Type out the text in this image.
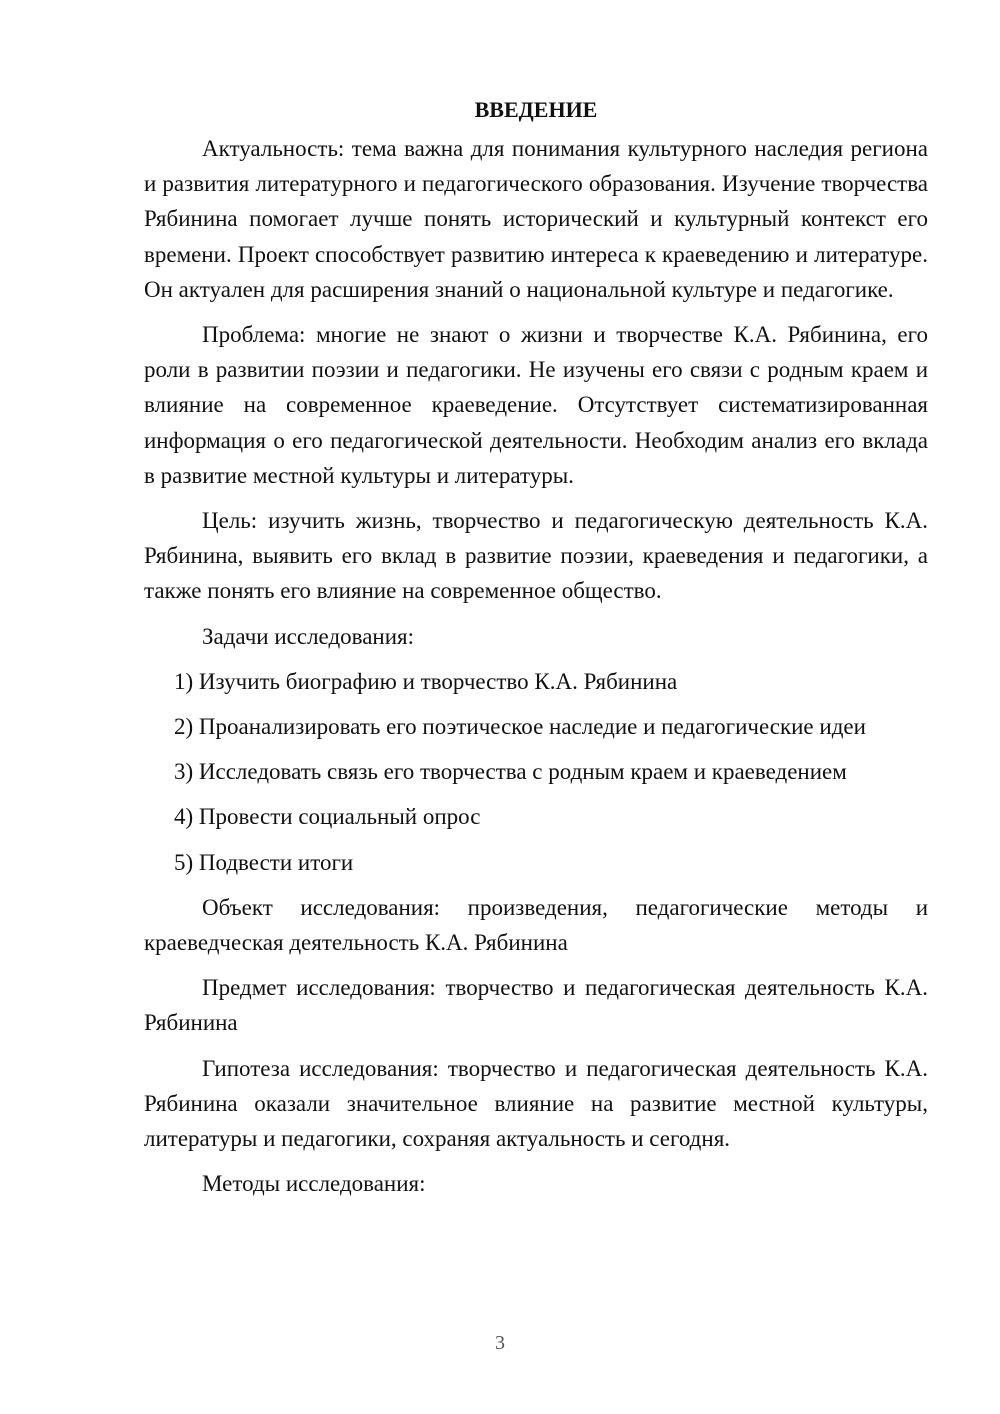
ВВЕДЕНИЕ

Актуальность: тема важна для понимания культурного наследия региона и развития литературного и педагогического образования. Изучение творчества Рябинина помогает лучше понять исторический и культурный контекст его времени. Проект способствует развитию интереса к краеведению и литературе. Он актуален для расширения знаний о национальной культуре и педагогике.

Проблема: многие не знают о жизни и творчестве К.А. Рябинина, его роли в развитии поэзии и педагогики. Не изучены его связи с родным краем и влияние на современное краеведение. Отсутствует систематизированная информация о его педагогической деятельности. Необходим анализ его вклада в развитие местной культуры и литературы.

Цель: изучить жизнь, творчество и педагогическую деятельность К.А. Рябинина, выявить его вклад в развитие поэзии, краеведения и педагогики, а также понять его влияние на современное общество.

Задачи исследования:

1) Изучить биографию и творчество К.А. Рябинина
2) Проанализировать его поэтическое наследие и педагогические идеи
3) Исследовать связь его творчества с родным краем и краеведением
4) Провести социальный опрос
5) Подвести итоги

Объект исследования: произведения, педагогические методы и краеведческая деятельность К.А. Рябинина

Предмет исследования: творчество и педагогическая деятельность К.А. Рябинина

Гипотеза исследования: творчество и педагогическая деятельность К.А. Рябинина оказали значительное влияние на развитие местной культуры, литературы и педагогики, сохраняя актуальность и сегодня.

Методы исследования:

3
